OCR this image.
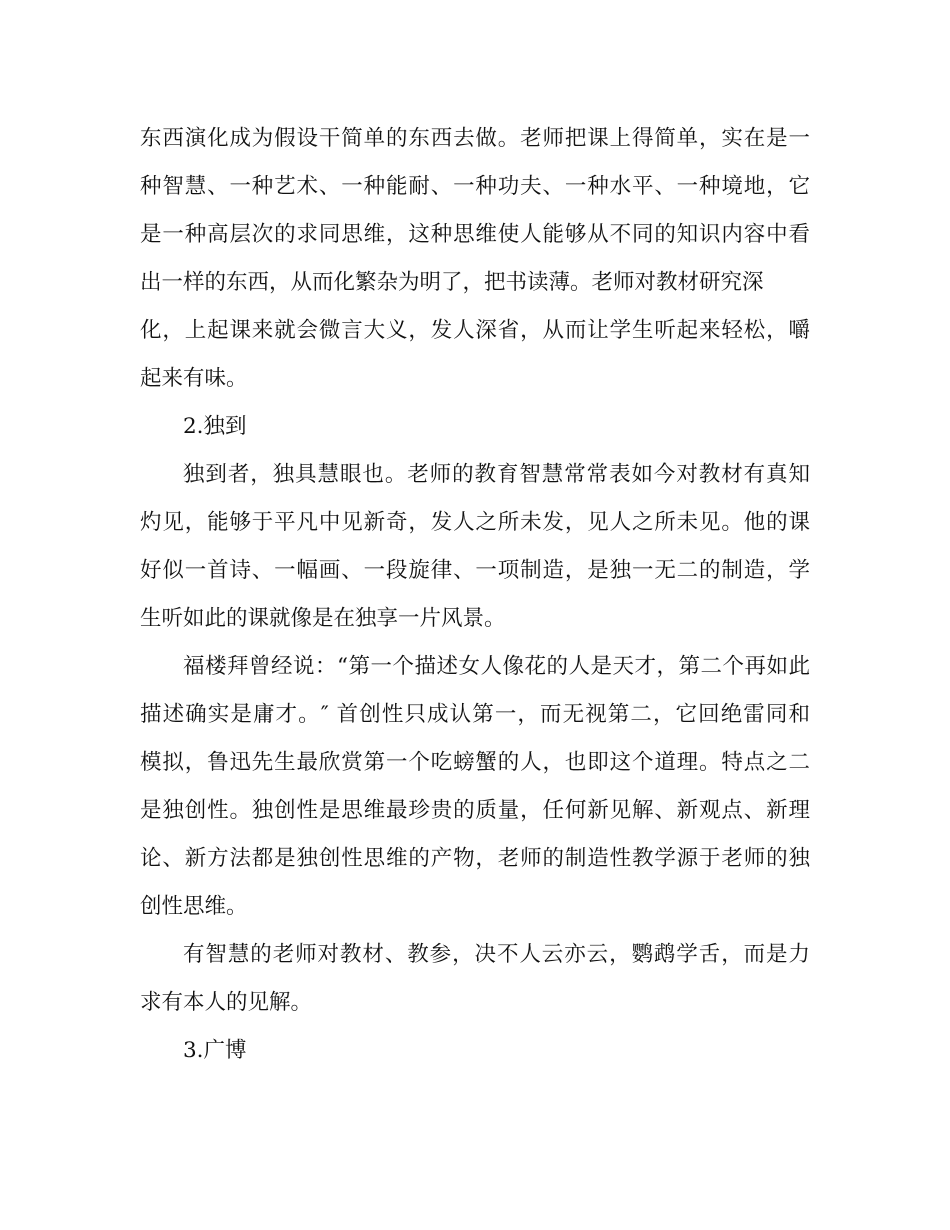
东西演化成为假设干简单的东西去做。老师把课上得简单，实在是一
种智慧、一种艺术、一种能耐、一种功夫、一种水平、一种境地，它
是一种高层次的求同思维，这种思维使人能够从不同的知识内容中看
出一样的东西，从而化繁杂为明了，把书读薄。老师对教材研究深
化，上起课来就会微言大义，发人深省，从而让学生听起来轻松，嚼
起来有味。
2.独到
独到者，独具慧眼也。老师的教育智慧常常表如今对教材有真知
灼见，能够于平凡中见新奇，发人之所未发，见人之所未见。他的课
好似一首诗、一幅画、一段旋律、一项制造，是独一无二的制造，学
生听如此的课就像是在独享一片风景。
福楼拜曾经说：“第一个描述女人像花的人是天才，第二个再如此
描述确实是庸才。″ 首创性只成认第一，而无视第二，它回绝雷同和
模拟，鲁迅先生最欣赏第一个吃螃蟹的人，也即这个道理。特点之二
是独创性。独创性是思维最珍贵的质量，任何新见解、新观点、新理
论、新方法都是独创性思维的产物，老师的制造性教学源于老师的独
创性思维。
有智慧的老师对教材、教参，决不人云亦云，鹦鹉学舌，而是力
求有本人的见解。
3.广博
